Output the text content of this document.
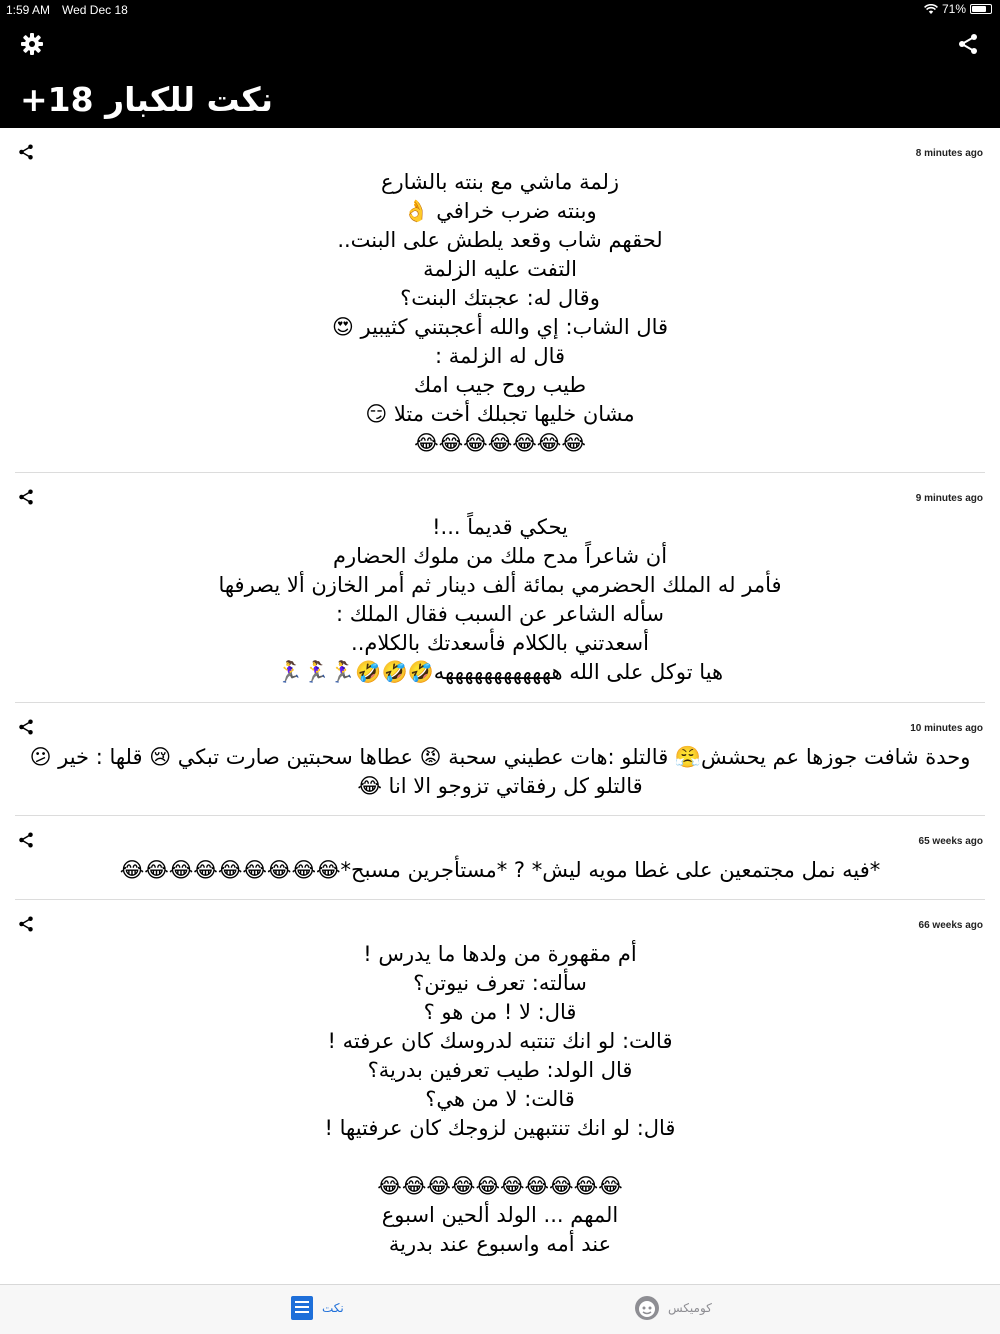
1:59 AM Wed Dec 18	71%
نكت للكبار 18+
8 minutes ago
زلمة ماشي مع بنته بالشارع
وبنته ضرب خرافي 👌
لحقهم شاب وقعد يلطش على البنت..
التفت عليه الزلمة
وقال له: عجبتك البنت؟
قال الشاب: إي والله أعجبتني كثيبير 😍
قال له الزلمة :
طيب روح جيب امك
مشان خليها تجبلك أخت متلا 😏
😂😂😂😂😂😂😂
9 minutes ago
يحكي قديماً ...!
أن شاعراً مدح ملك من ملوك الحضارم
فأمر له الملك الحضرمي بمائة ألف دينار ثم أمر الخازن ألا يصرفها
سأله الشاعر عن السبب فقال الملك :
أسعدتني بالكلام فأسعدتك بالكلام..
هيا توكل على الله ههههههههههههه🤣🤣🤣🏃‍♀️🏃‍♀️🏃‍♀️
10 minutes ago
وحدة شافت جوزها عم يحشش😤 قالتلو :هات عطيني سحبة 😡 عطاها سحبتين صارت تبكي 😢 قلها : خير 😕 قالتلو كل رفقاتي تزوجو الا انا 😂
65 weeks ago
*فيه نمل مجتمعين على غطا مويه ليش* ? *مستأجرين مسبح*😂😂😂😂😂😂😂😂😂
66 weeks ago
أم مقهورة من ولدها ما يدرس !
سألته: تعرف نيوتن؟
قال: لا ! من هو ؟
قالت: لو انك تنتبه لدروسك كان عرفته !
قال الولد: طيب تعرفين بدرية؟
قالت: لا من هي؟
قال: لو انك تنتبهين لزوجك كان عرفتيها !

😂😂😂😂😂😂😂😂😂😂
المهم ... الولد ألحين اسبوع
عند أمه واسبوع عند بدرية
نكت	كوميكس
